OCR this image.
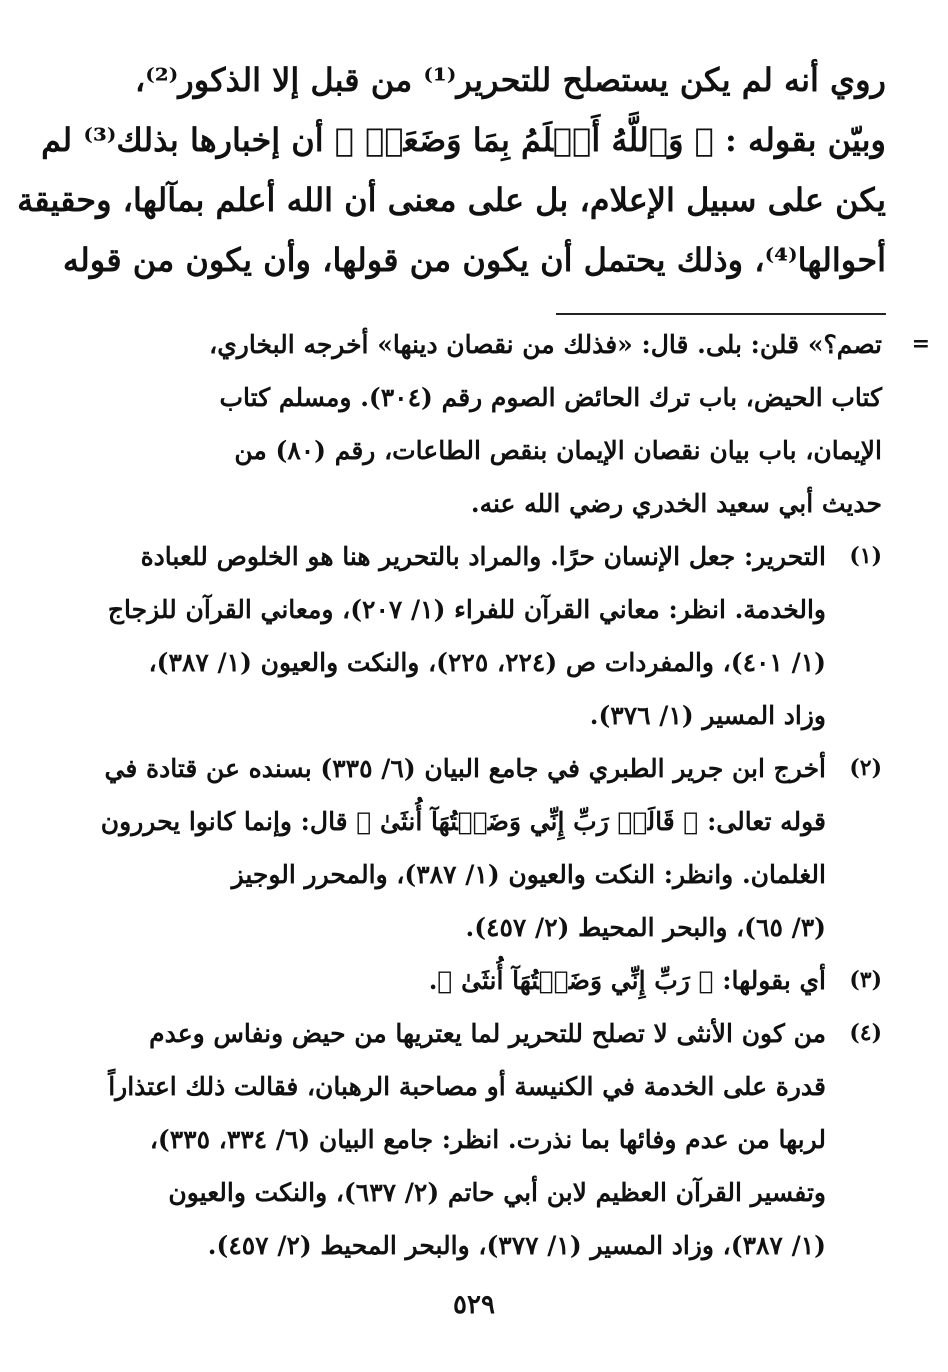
روي أنه لم يكن يستصلح للتحرير⁽¹⁾ من قبل إلا الذكور⁽²⁾،
وبيّن بقوله : ﴿ وَٱللَّهُ أَعۡلَمُ بِمَا وَضَعَتۡ ﴾ أن إخبارها بذلك⁽³⁾ لم
يكن على سبيل الإعلام، بل على معنى أن الله أعلم بمآلها، وحقيقة
أحوالها⁽⁴⁾، وذلك يحتمل أن يكون من قولها، وأن يكون من قوله
=
تصم؟» قلن: بلى. قال: «فذلك من نقصان دينها» أخرجه البخاري،
كتاب الحيض، باب ترك الحائض الصوم رقم (٣٠٤). ومسلم كتاب
الإيمان، باب بيان نقصان الإيمان بنقص الطاعات، رقم (٨٠) من
حديث أبي سعيد الخدري رضي الله عنه.
(١)
التحرير: جعل الإنسان حرًا. والمراد بالتحرير هنا هو الخلوص للعبادة
والخدمة. انظر: معاني القرآن للفراء (١/ ٢٠٧)، ومعاني القرآن للزجاج
(١/ ٤٠١)، والمفردات ص (٢٢٤، ٢٢٥)، والنكت والعيون (١/ ٣٨٧)،
وزاد المسير (١/ ٣٧٦).
(٢)
أخرج ابن جرير الطبري في جامع البيان (٦/ ٣٣٥) بسنده عن قتادة في
قوله تعالى: ﴿ قَالَتۡ رَبِّ إِنِّي وَضَعۡتُهَآ أُنثَىٰ ﴾ قال: وإنما كانوا يحررون
الغلمان. وانظر: النكت والعيون (١/ ٣٨٧)، والمحرر الوجيز
(٣/ ٦٥)، والبحر المحيط (٢/ ٤٥٧).
(٣)
أي بقولها: ﴿ رَبِّ إِنِّي وَضَعۡتُهَآ أُنثَىٰ ﴾.
(٤)
من كون الأنثى لا تصلح للتحرير لما يعتريها من حيض ونفاس وعدم
قدرة على الخدمة في الكنيسة أو مصاحبة الرهبان، فقالت ذلك اعتذاراً
لربها من عدم وفائها بما نذرت. انظر: جامع البيان (٦/ ٣٣٤، ٣٣٥)،
وتفسير القرآن العظيم لابن أبي حاتم (٢/ ٦٣٧)، والنكت والعيون
(١/ ٣٨٧)، وزاد المسير (١/ ٣٧٧)، والبحر المحيط (٢/ ٤٥٧).
٥٢٩
